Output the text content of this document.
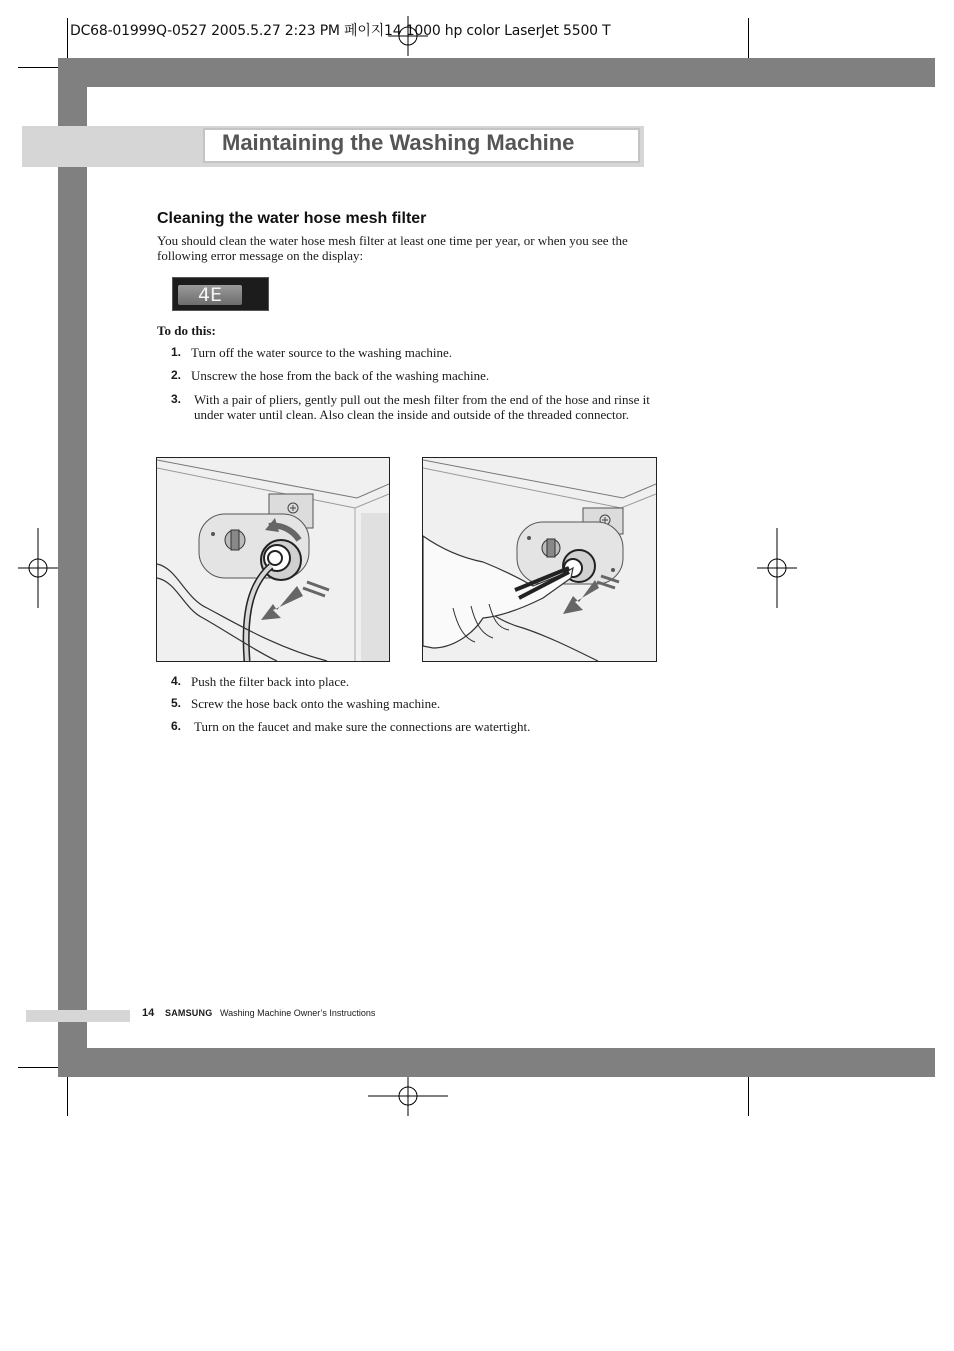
DC68-01999Q-0527 2005.5.27 2:23 PM 페이지14 1000 hp color LaserJet 5500 T
Maintaining the Washing Machine
Cleaning the water hose mesh filter
You should clean the water hose mesh filter at least one time per year, or when you see the following error message on the display:
4E
To do this:
1. Turn off the water source to the washing machine.
2. Unscrew the hose from the back of the washing machine.
3. With a pair of pliers, gently pull out the mesh filter from the end of the hose and rinse it under water until clean. Also clean the inside and outside of the threaded connector.
4. Push the filter back into place.
5. Screw the hose back onto the washing machine.
6. Turn on the faucet and make sure the connections are watertight.
14 SAMSUNG Washing Machine Owner’s Instructions
